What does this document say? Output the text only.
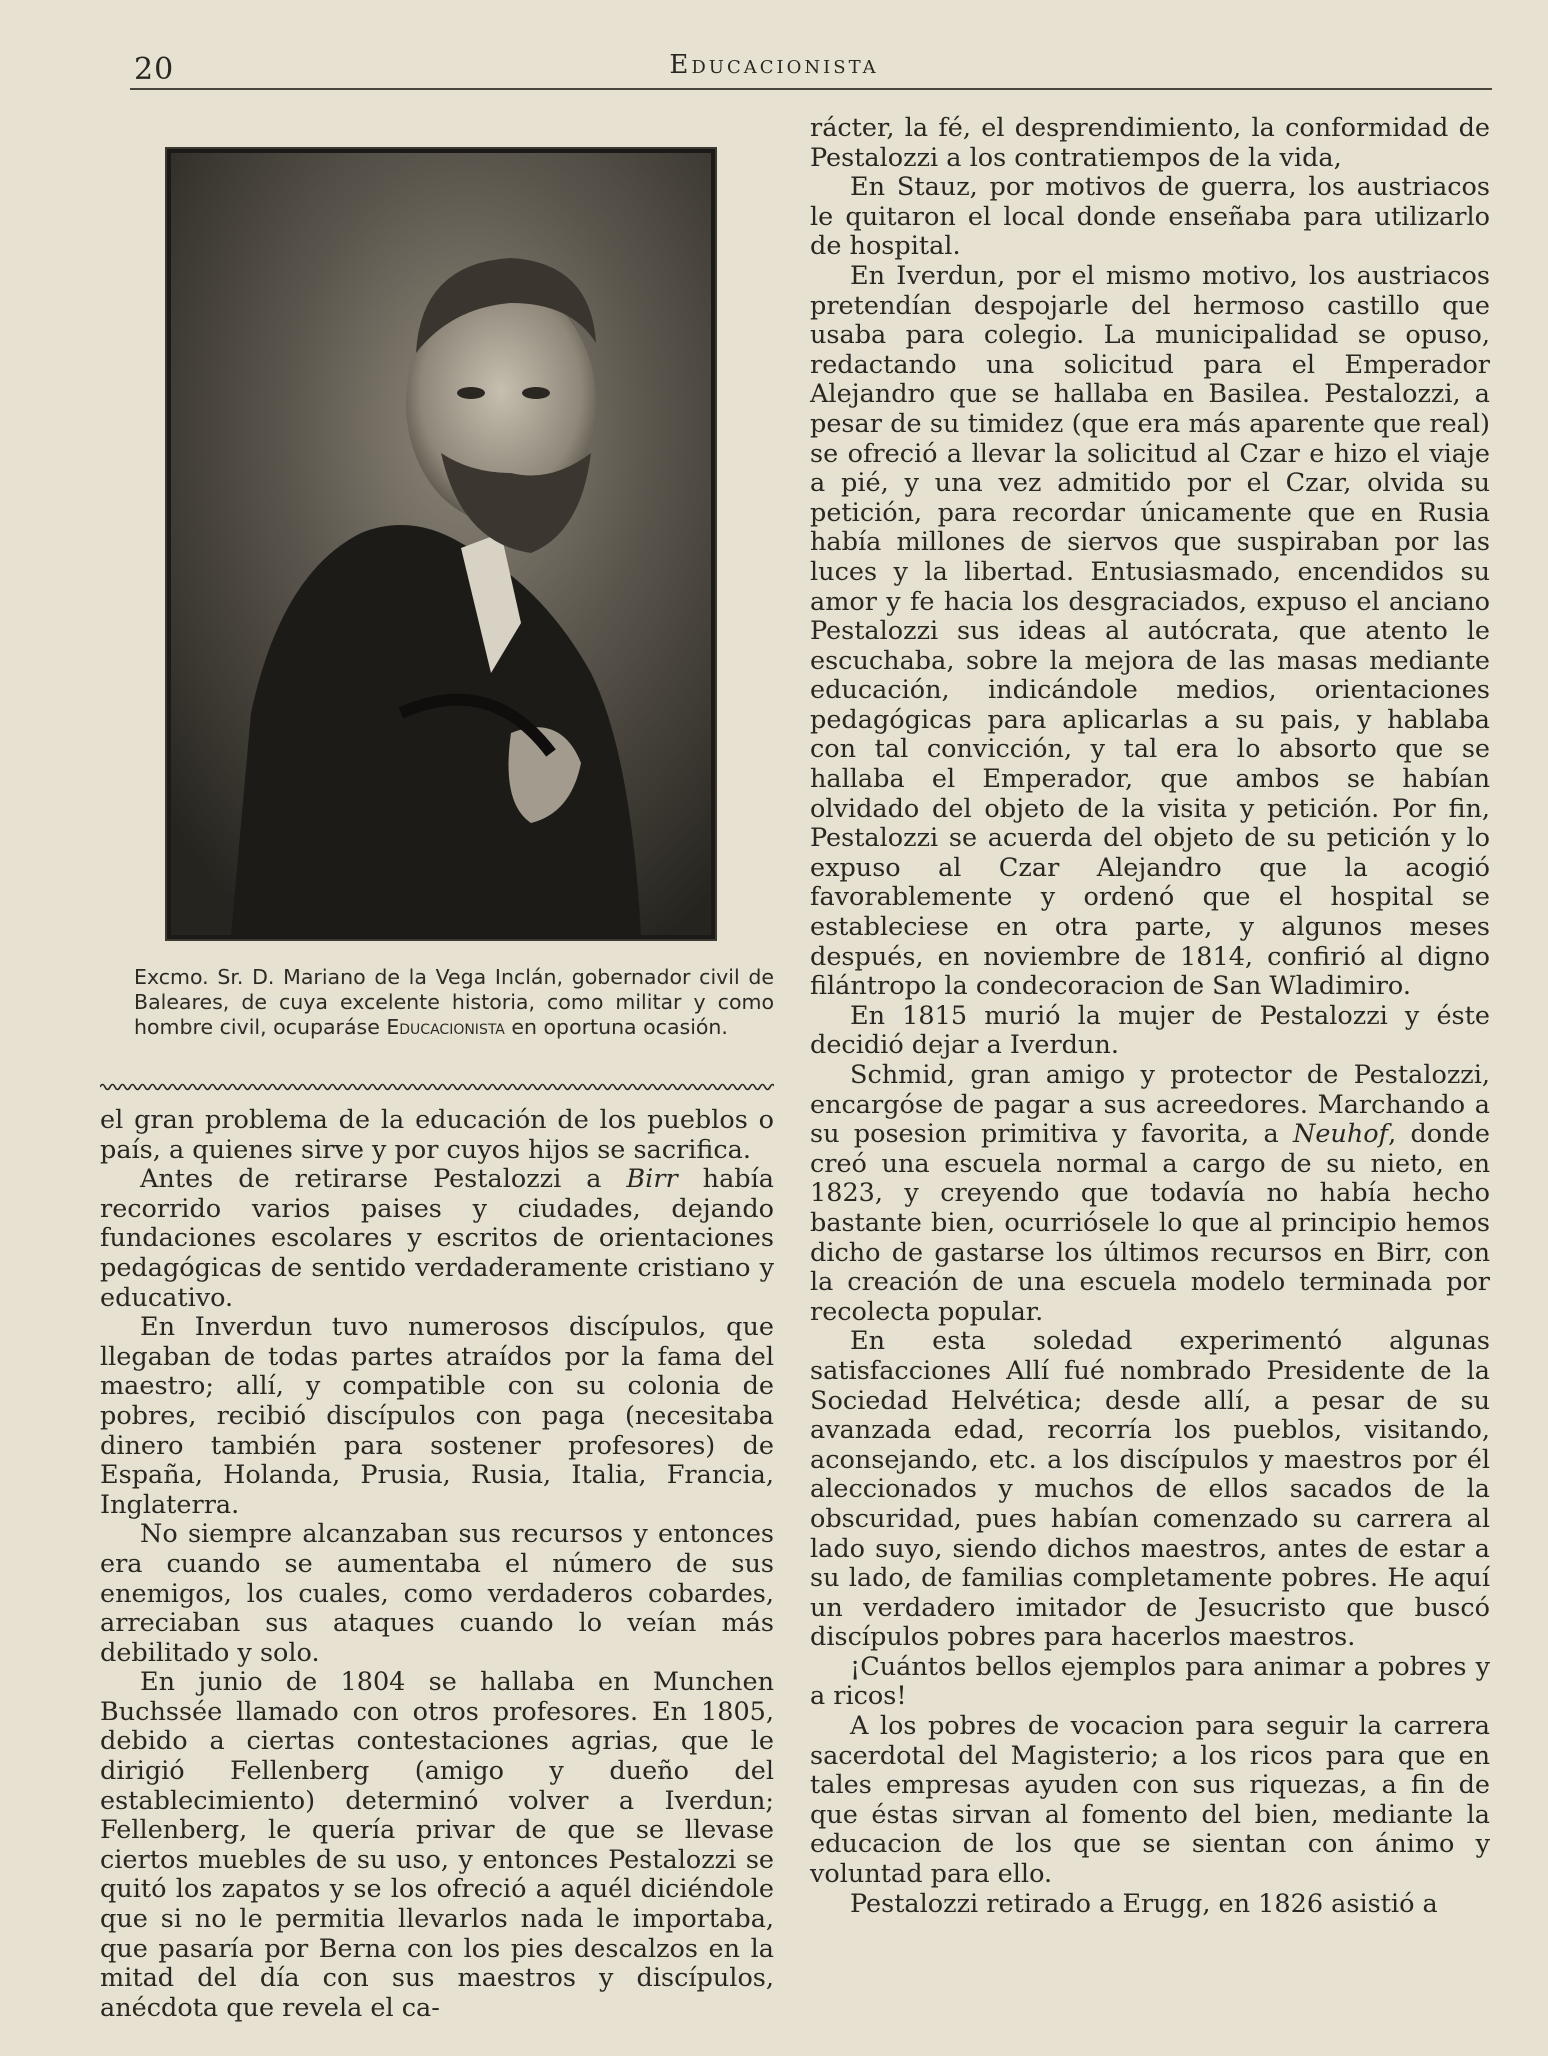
20	Educacionista
Excmo. Sr. D. Mariano de la Vega Inclán, gobernador civil de Baleares, de cuya excelente historia, como militar y como hombre civil, ocuparáse Educacionista en oportuna ocasión.

el gran problema de la educación de los pueblos o país, a quienes sirve y por cuyos hijos se sacrifica.

Antes de retirarse Pestalozzi a Birr había recorrido varios paises y ciudades, dejando fundaciones escolares y escritos de orientaciones pedagógicas de sentido verdaderamente cristiano y educativo.

En Inverdun tuvo numerosos discípulos, que llegaban de todas partes atraídos por la fama del maestro; allí, y compatible con su colonia de pobres, recibió discípulos con paga (necesitaba dinero también para sostener profesores) de España, Holanda, Prusia, Rusia, Italia, Francia, Inglaterra.

No siempre alcanzaban sus recursos y entonces era cuando se aumentaba el número de sus enemigos, los cuales, como verdaderos cobardes, arreciaban sus ataques cuando lo veían más debilitado y solo.

En junio de 1804 se hallaba en Munchen Buchssée llamado con otros profesores. En 1805, debido a ciertas contestaciones agrias, que le dirigió Fellenberg (amigo y dueño del establecimiento) determinó volver a Iverdun; Fellenberg, le quería privar de que se llevase ciertos muebles de su uso, y entonces Pestalozzi se quitó los zapatos y se los ofreció a aquél diciéndole que si no le permitia llevarlos nada le importaba, que pasaría por Berna con los pies descalzos en la mitad del día con sus maestros y discípulos, anécdota que revela el ca-

rácter, la fé, el desprendimiento, la conformidad de Pestalozzi a los contratiempos de la vida,

En Stauz, por motivos de guerra, los austriacos le quitaron el local donde enseñaba para utilizarlo de hospital.

En Iverdun, por el mismo motivo, los austriacos pretendían despojarle del hermoso castillo que usaba para colegio. La municipalidad se opuso, redactando una solicitud para el Emperador Alejandro que se hallaba en Basilea. Pestalozzi, a pesar de su timidez (que era más aparente que real) se ofreció a llevar la solicitud al Czar e hizo el viaje a pié, y una vez admitido por el Czar, olvida su petición, para recordar únicamente que en Rusia había millones de siervos que suspiraban por las luces y la libertad. Entusiasmado, encendidos su amor y fe hacia los desgraciados, expuso el anciano Pestalozzi sus ideas al autócrata, que atento le escuchaba, sobre la mejora de las masas mediante educación, indicándole medios, orientaciones pedagógicas para aplicarlas a su pais, y hablaba con tal convicción, y tal era lo absorto que se hallaba el Emperador, que ambos se habían olvidado del objeto de la visita y petición. Por fin, Pestalozzi se acuerda del objeto de su petición y lo expuso al Czar Alejandro que la acogió favorablemente y ordenó que el hospital se estableciese en otra parte, y algunos meses después, en noviembre de 1814, confirió al digno filántropo la condecoracion de San Wladimiro.

En 1815 murió la mujer de Pestalozzi y éste decidió dejar a Iverdun.

Schmid, gran amigo y protector de Pestalozzi, encargóse de pagar a sus acreedores. Marchando a su posesion primitiva y favorita, a Neuhof, donde creó una escuela normal a cargo de su nieto, en 1823, y creyendo que todavía no había hecho bastante bien, ocurriósele lo que al principio hemos dicho de gastarse los últimos recursos en Birr, con la creación de una escuela modelo terminada por recolecta popular.

En esta soledad experimentó algunas satisfacciones Allí fué nombrado Presidente de la Sociedad Helvética; desde allí, a pesar de su avanzada edad, recorría los pueblos, visitando, aconsejando, etc. a los discípulos y maestros por él aleccionados y muchos de ellos sacados de la obscuridad, pues habían comenzado su carrera al lado suyo, siendo dichos maestros, antes de estar a su lado, de familias completamente pobres. He aquí un verdadero imitador de Jesucristo que buscó discípulos pobres para hacerlos maestros.

¡Cuántos bellos ejemplos para animar a pobres y a ricos!

A los pobres de vocacion para seguir la carrera sacerdotal del Magisterio; a los ricos para que en tales empresas ayuden con sus riquezas, a fin de que éstas sirvan al fomento del bien, mediante la educacion de los que se sientan con ánimo y voluntad para ello.

Pestalozzi retirado a Erugg, en 1826 asistió a
